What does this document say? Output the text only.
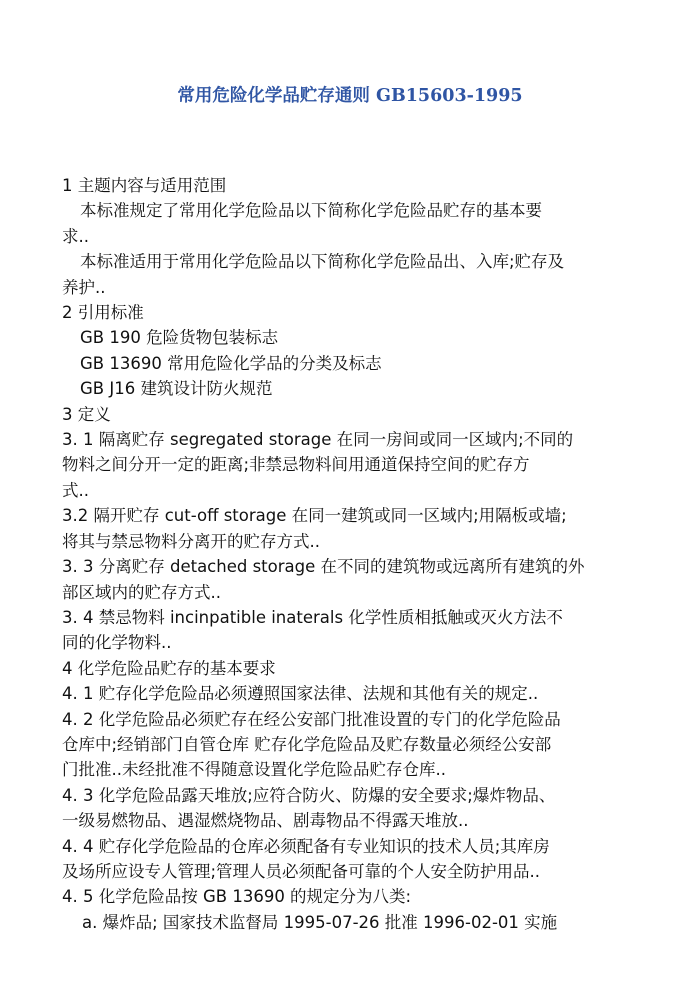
常用危险化学品贮存通则 GB15603-1995

1 主题内容与适用范围

本标准规定了常用化学危险品以下简称化学危险品贮存的基本要

求..

本标准适用于常用化学危险品以下简称化学危险品出、入库;贮存及

养护..

2 引用标准

GB 190 危险货物包装标志

GB 13690 常用危险化学品的分类及标志

GB J16 建筑设计防火规范

3 定义

3. 1 隔离贮存 segregated storage 在同一房间或同一区域内;不同的

物料之间分开一定的距离;非禁忌物料间用通道保持空间的贮存方

式..

3.2 隔开贮存 cut-off storage 在同一建筑或同一区域内;用隔板或墙;

将其与禁忌物料分离开的贮存方式..

3. 3 分离贮存 detached storage 在不同的建筑物或远离所有建筑的外

部区域内的贮存方式..

3. 4 禁忌物料 incinpatible inaterals 化学性质相抵触或灭火方法不

同的化学物料..

4 化学危险品贮存的基本要求

4. 1 贮存化学危险品必须遵照国家法律、法规和其他有关的规定..

4. 2 化学危险品必须贮存在经公安部门批准设置的专门的化学危险品

仓库中;经销部门自管仓库 贮存化学危险品及贮存数量必须经公安部

门批准..未经批准不得随意设置化学危险品贮存仓库..

4. 3 化学危险品露天堆放;应符合防火、防爆的安全要求;爆炸物品、

一级易燃物品、遇湿燃烧物品、剧毒物品不得露天堆放..

4. 4 贮存化学危险品的仓库必须配备有专业知识的技术人员;其库房

及场所应设专人管理;管理人员必须配备可靠的个人安全防护用品..

4. 5 化学危险品按 GB 13690 的规定分为八类:

a. 爆炸品; 国家技术监督局 1995-07-26 批准 1996-02-01 实施
